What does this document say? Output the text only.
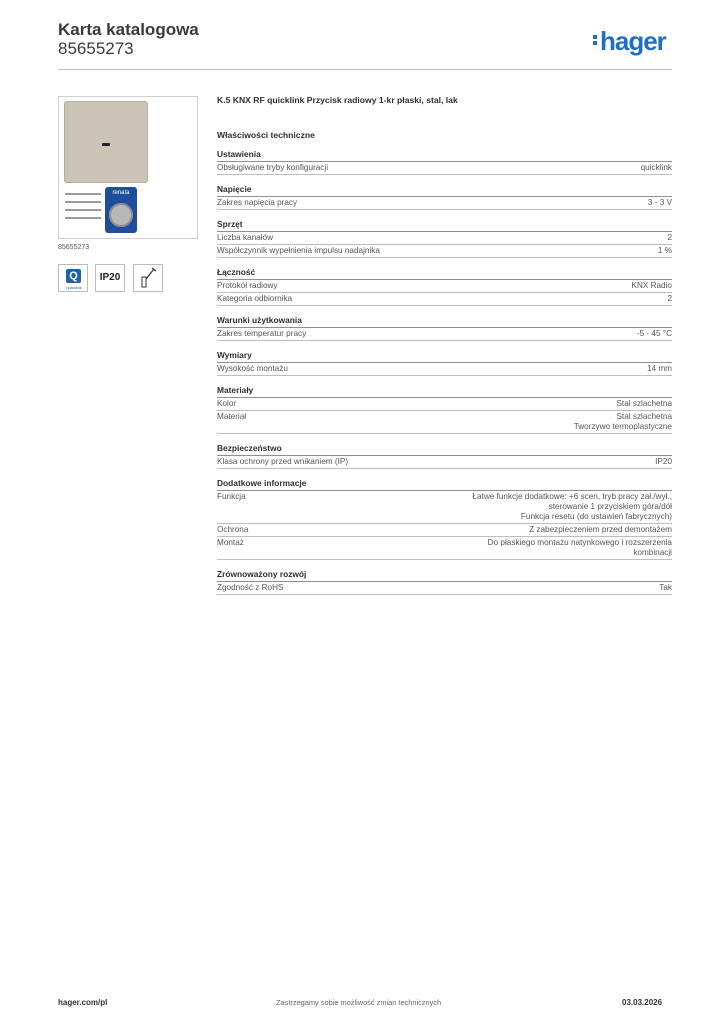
Karta katalogowa
85655273	hager
renata
85655273
Q
quicklink
IP20
K.5 KNX RF quicklink Przycisk radiowy 1-kr płaski, stal, lak
Właściwości techniczne
Ustawienia
Obsługiwane tryby konfiguracji	quicklink
Napięcie
Zakres napięcia pracy	3 - 3 V
Sprzęt
Liczba kanałów	2
Współczynnik wypełnienia impulsu nadajnika	1 %
Łączność
Protokół radiowy	KNX Radio
Kategoria odbiornika	2
Warunki użytkowania
Zakres temperatur pracy	-5 - 45 °C
Wymiary
Wysokość montażu	14 mm
Materiały
Kolor	Stal szlachetna
Materiał	Stal szlachetna
Tworzywo termoplastyczne
Bezpieczeństwo
Klasa ochrony przed wnikaniem (IP)	IP20
Dodatkowe informacje
Funkcja	Łatwe funkcje dodatkowe: +6 scen, tryb pracy zał./wył.,
sterowanie 1 przyciskiem góra/dół
Funkcja resetu (do ustawień fabrycznych)
Ochrona	Z zabezpieczeniem przed demontażem
Montaż	Do płaskiego montażu natynkowego i rozszerzenia
kombinacji
Zrównoważony rozwój
Zgodność z RoHS	Tak
hager.com/pl	Zastrzegamy sobie możliwość zmian technicznych	03.03.2026
